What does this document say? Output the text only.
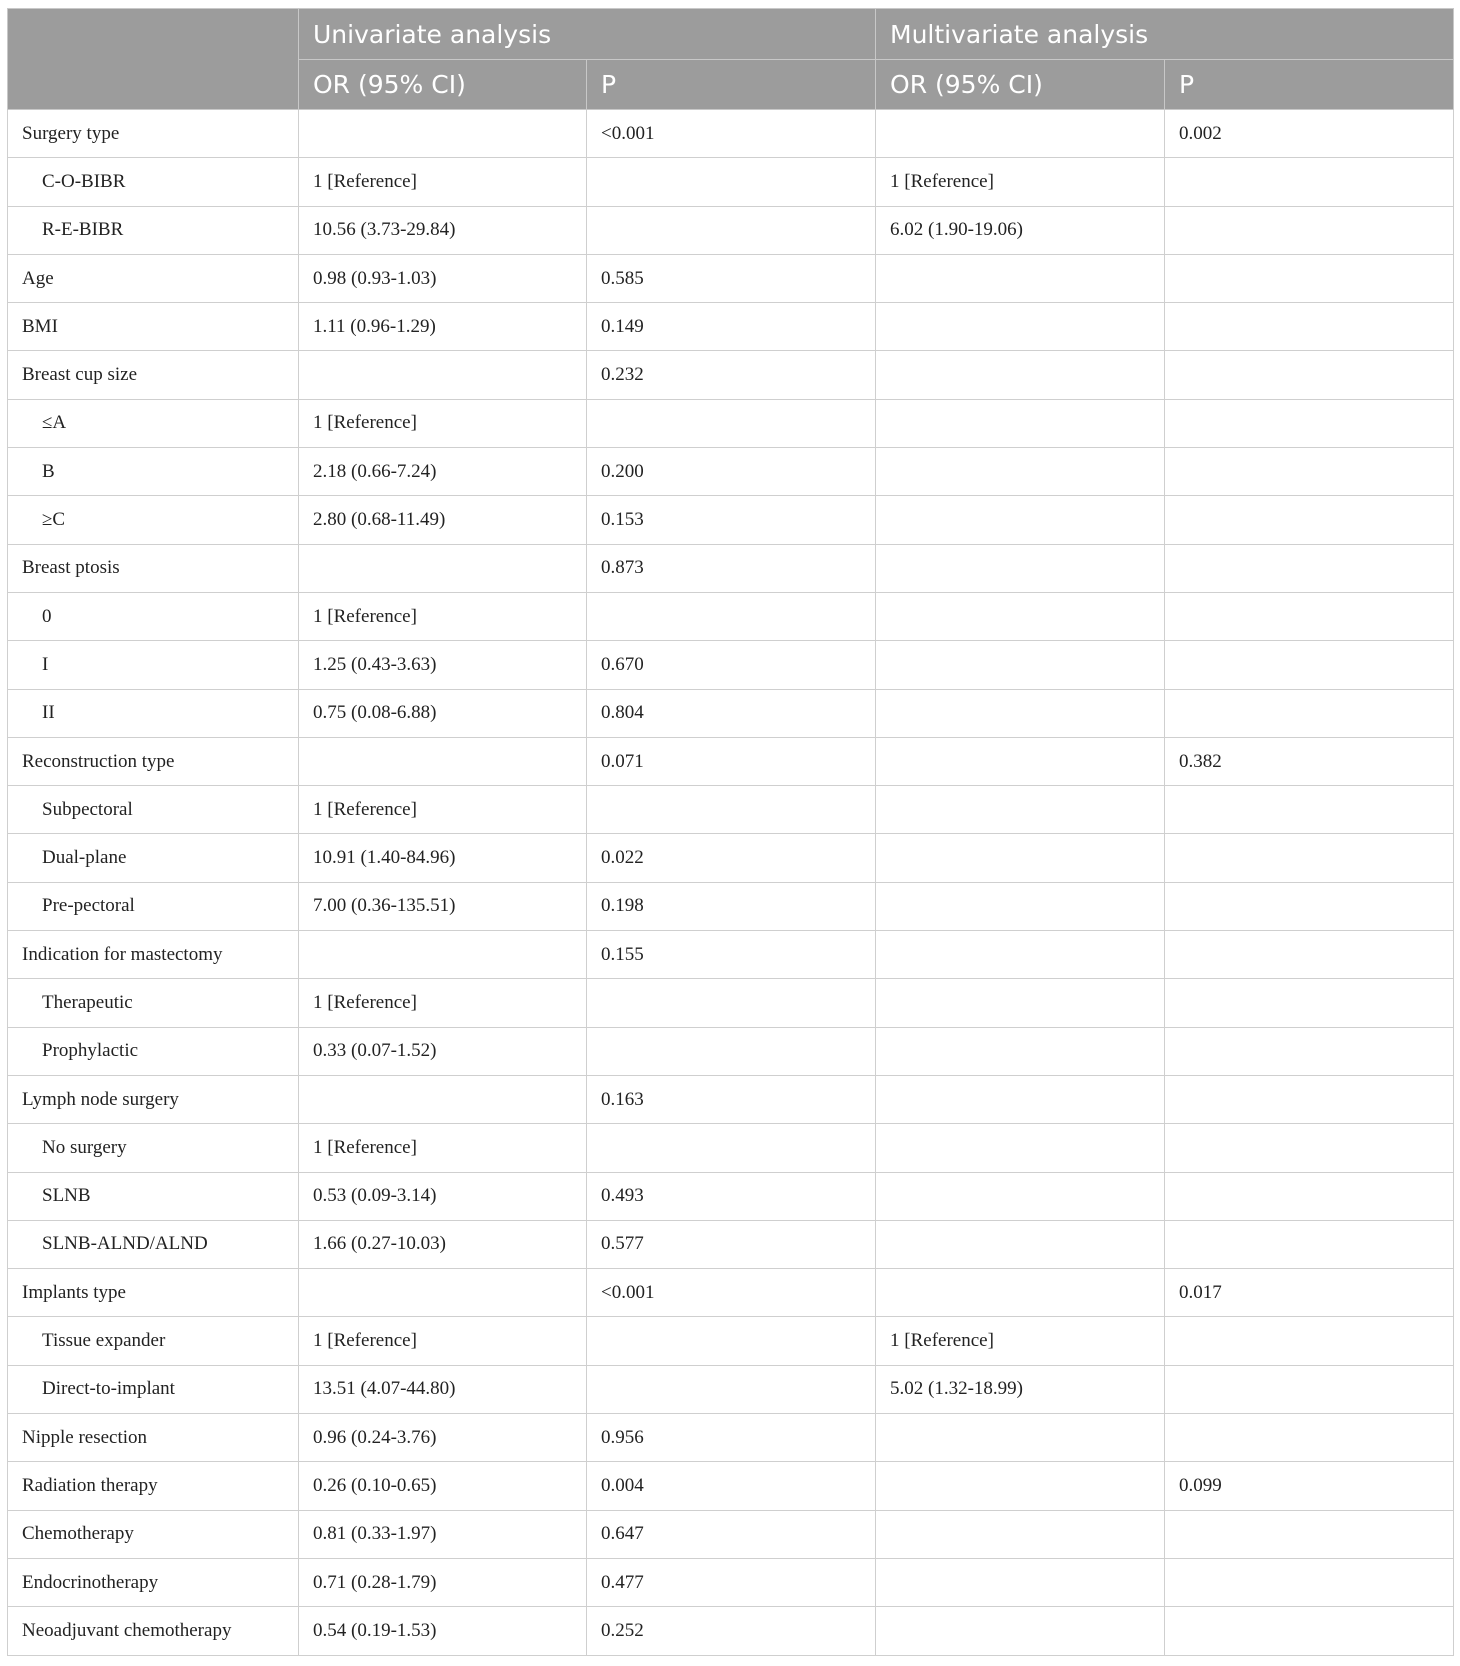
	Univariate analysis		Multivariate analysis	
	OR (95% CI)	P	OR (95% CI)	P
Surgery type		<0.001		0.002
C-O-BIBR	1 [Reference]		1 [Reference]	
R-E-BIBR	10.56 (3.73-29.84)		6.02 (1.90-19.06)	
Age	0.98 (0.93-1.03)	0.585		
BMI	1.11 (0.96-1.29)	0.149		
Breast cup size		0.232		
≤A	1 [Reference]			
B	2.18 (0.66-7.24)	0.200		
≥C	2.80 (0.68-11.49)	0.153		
Breast ptosis		0.873		
0	1 [Reference]			
I	1.25 (0.43-3.63)	0.670		
II	0.75 (0.08-6.88)	0.804		
Reconstruction type		0.071		0.382
Subpectoral	1 [Reference]			
Dual-plane	10.91 (1.40-84.96)	0.022		
Pre-pectoral	7.00 (0.36-135.51)	0.198		
Indication for mastectomy		0.155		
Therapeutic	1 [Reference]			
Prophylactic	0.33 (0.07-1.52)			
Lymph node surgery		0.163		
No surgery	1 [Reference]			
SLNB	0.53 (0.09-3.14)	0.493		
SLNB-ALND/ALND	1.66 (0.27-10.03)	0.577		
Implants type		<0.001		0.017
Tissue expander	1 [Reference]		1 [Reference]	
Direct-to-implant	13.51 (4.07-44.80)		5.02 (1.32-18.99)	
Nipple resection	0.96 (0.24-3.76)	0.956		
Radiation therapy	0.26 (0.10-0.65)	0.004		0.099
Chemotherapy	0.81 (0.33-1.97)	0.647		
Endocrinotherapy	0.71 (0.28-1.79)	0.477		
Neoadjuvant chemotherapy	0.54 (0.19-1.53)	0.252		
